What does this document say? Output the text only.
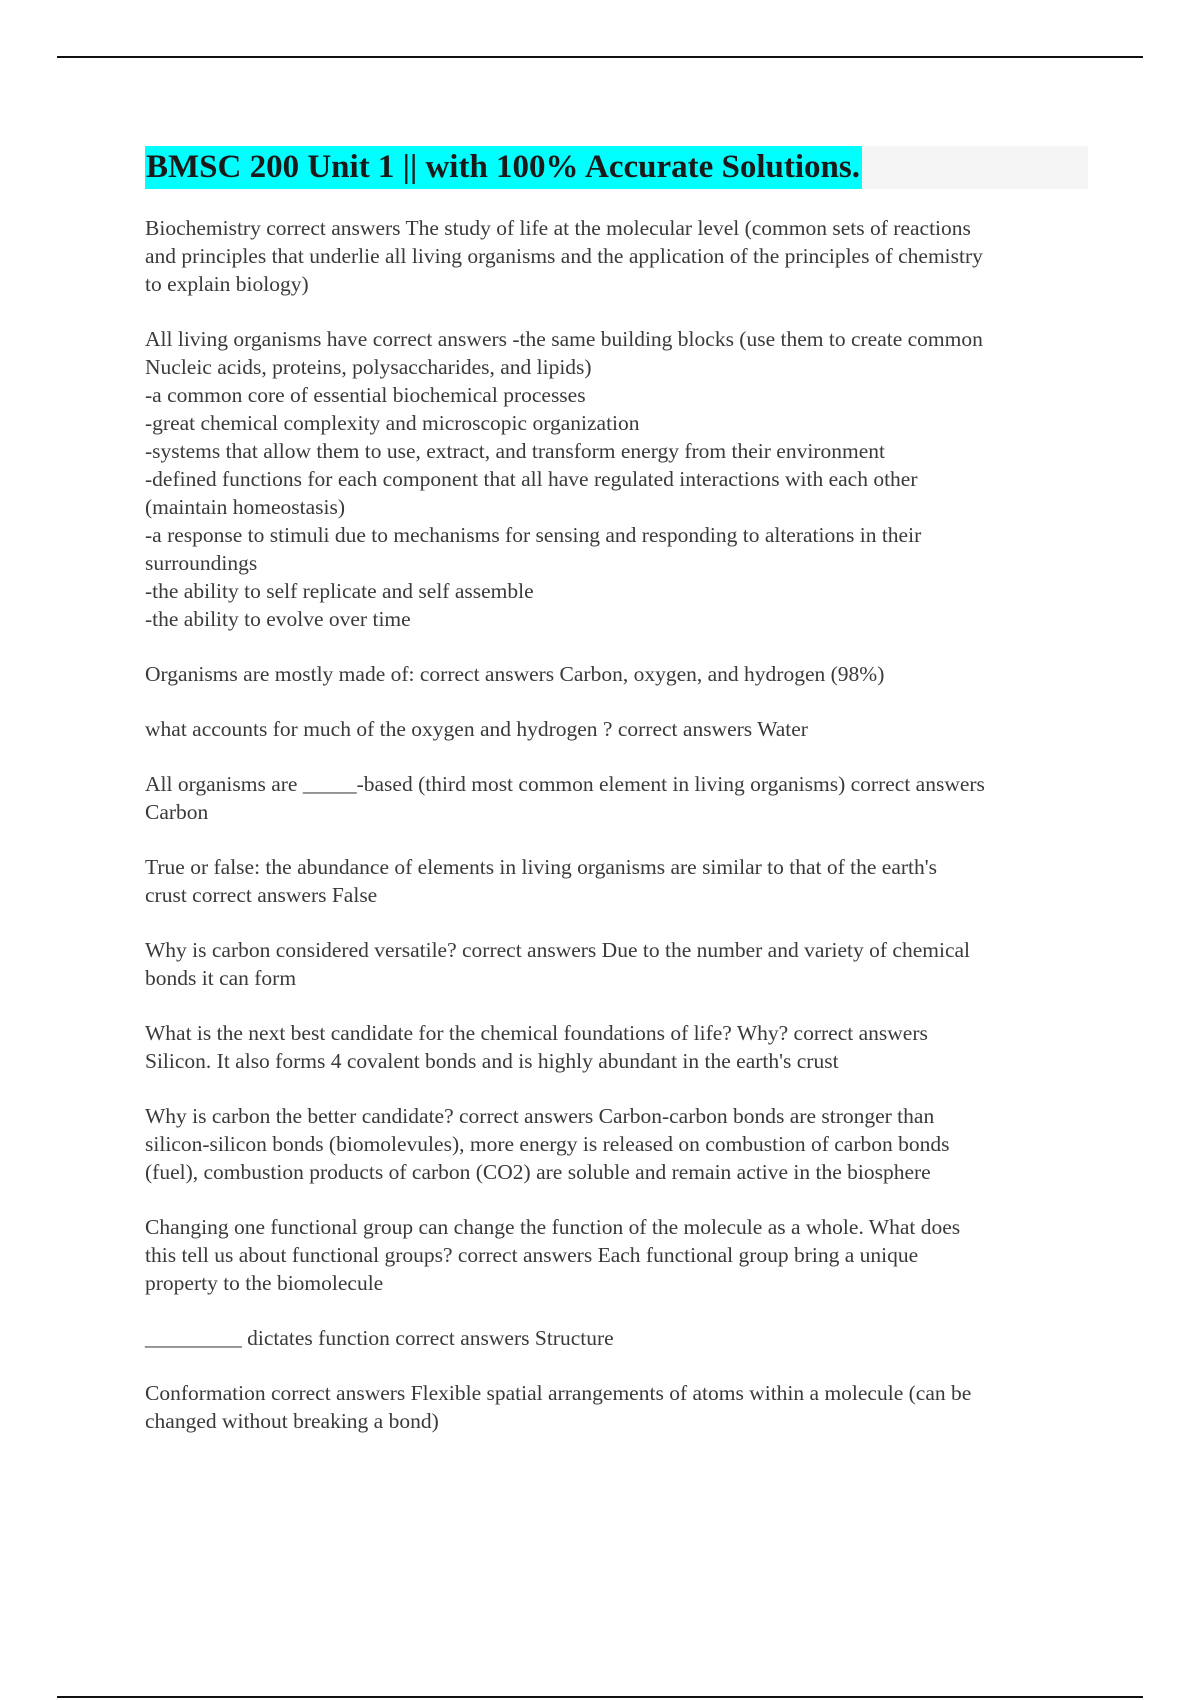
BMSC 200 Unit 1 || with 100% Accurate Solutions.

Biochemistry correct answers The study of life at the molecular level (common sets of reactions
and principles that underlie all living organisms and the application of the principles of chemistry
to explain biology)

All living organisms have correct answers -the same building blocks (use them to create common
Nucleic acids, proteins, polysaccharides, and lipids)
-a common core of essential biochemical processes
-great chemical complexity and microscopic organization
-systems that allow them to use, extract, and transform energy from their environment
-defined functions for each component that all have regulated interactions with each other
(maintain homeostasis)
-a response to stimuli due to mechanisms for sensing and responding to alterations in their
surroundings
-the ability to self replicate and self assemble
-the ability to evolve over time

Organisms are mostly made of: correct answers Carbon, oxygen, and hydrogen (98%)

what accounts for much of the oxygen and hydrogen ? correct answers Water

All organisms are _____-based (third most common element in living organisms) correct answers
Carbon

True or false: the abundance of elements in living organisms are similar to that of the earth's
crust correct answers False

Why is carbon considered versatile? correct answers Due to the number and variety of chemical
bonds it can form

What is the next best candidate for the chemical foundations of life? Why? correct answers
Silicon. It also forms 4 covalent bonds and is highly abundant in the earth's crust

Why is carbon the better candidate? correct answers Carbon-carbon bonds are stronger than
silicon-silicon bonds (biomolevules), more energy is released on combustion of carbon bonds
(fuel), combustion products of carbon (CO2) are soluble and remain active in the biosphere

Changing one functional group can change the function of the molecule as a whole. What does
this tell us about functional groups? correct answers Each functional group bring a unique
property to the biomolecule

_________ dictates function correct answers Structure

Conformation correct answers Flexible spatial arrangements of atoms within a molecule (can be
changed without breaking a bond)
